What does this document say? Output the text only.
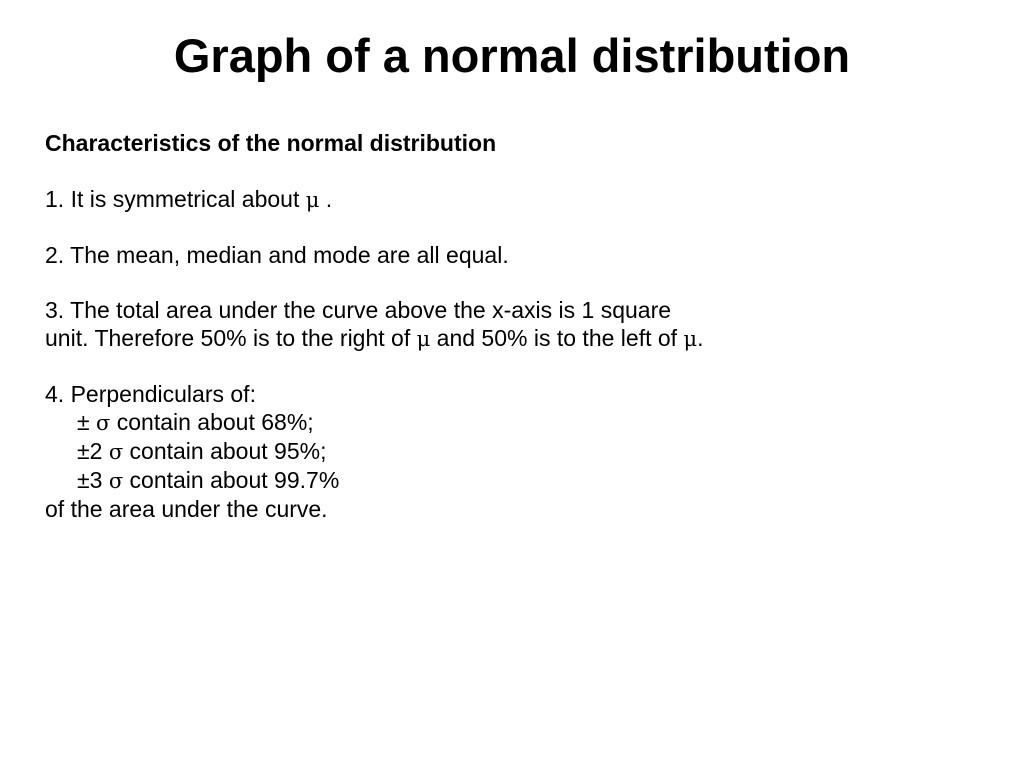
Graph of a normal distribution
Characteristics of the normal distribution
1. It is symmetrical about μ .
2. The mean, median and mode are all equal.
3. The total area under the curve above the x-axis is 1 square
unit. Therefore 50% is to the right of μ and 50% is to the left of μ.
4. Perpendiculars of:
± σ contain about 68%;
±2 σ contain about 95%;
±3 σ contain about 99.7%
of the area under the curve.
